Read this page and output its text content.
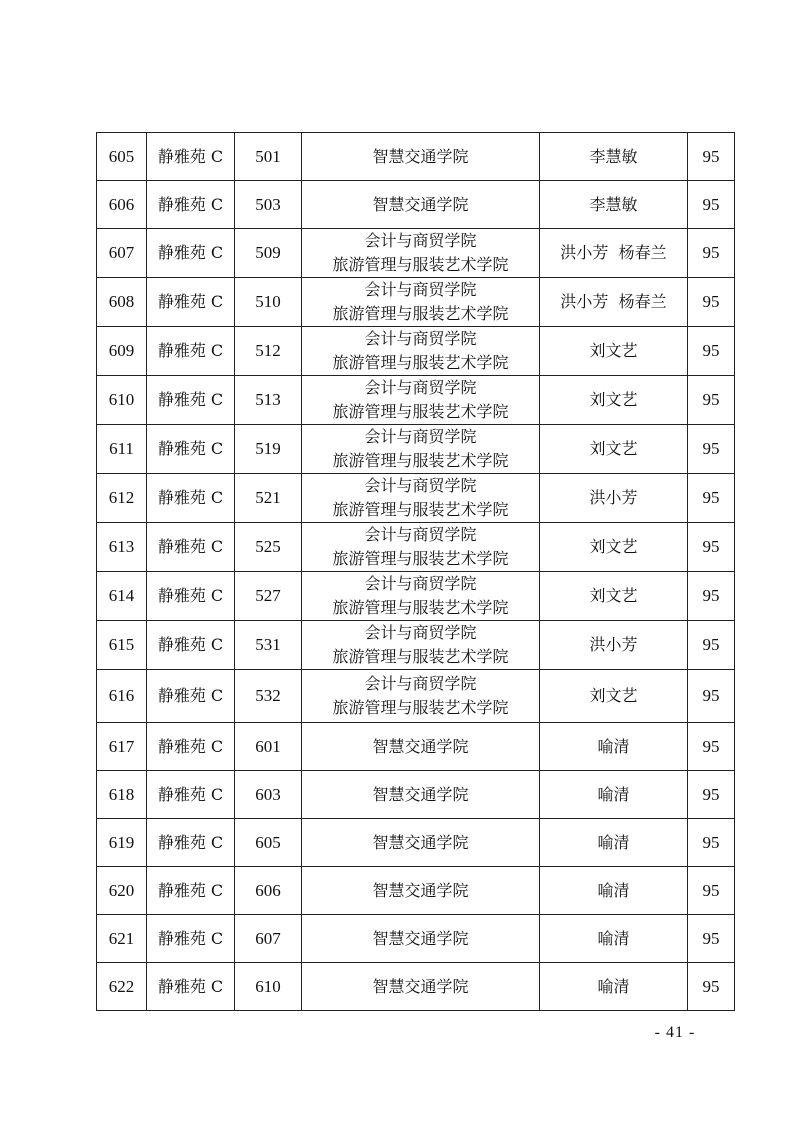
605	静雅苑 C	501	智慧交通学院	李慧敏	95
606	静雅苑 C	503	智慧交通学院	李慧敏	95
607	静雅苑 C	509	会计与商贸学院
旅游管理与服装艺术学院	洪小芳  杨春兰	95
608	静雅苑 C	510	会计与商贸学院
旅游管理与服装艺术学院	洪小芳  杨春兰	95
609	静雅苑 C	512	会计与商贸学院
旅游管理与服装艺术学院	刘文艺	95
610	静雅苑 C	513	会计与商贸学院
旅游管理与服装艺术学院	刘文艺	95
611	静雅苑 C	519	会计与商贸学院
旅游管理与服装艺术学院	刘文艺	95
612	静雅苑 C	521	会计与商贸学院
旅游管理与服装艺术学院	洪小芳	95
613	静雅苑 C	525	会计与商贸学院
旅游管理与服装艺术学院	刘文艺	95
614	静雅苑 C	527	会计与商贸学院
旅游管理与服装艺术学院	刘文艺	95
615	静雅苑 C	531	会计与商贸学院
旅游管理与服装艺术学院	洪小芳	95
616	静雅苑 C	532	会计与商贸学院
旅游管理与服装艺术学院	刘文艺	95
617	静雅苑 C	601	智慧交通学院	喻清	95
618	静雅苑 C	603	智慧交通学院	喻清	95
619	静雅苑 C	605	智慧交通学院	喻清	95
620	静雅苑 C	606	智慧交通学院	喻清	95
621	静雅苑 C	607	智慧交通学院	喻清	95
622	静雅苑 C	610	智慧交通学院	喻清	95
- 41 -
